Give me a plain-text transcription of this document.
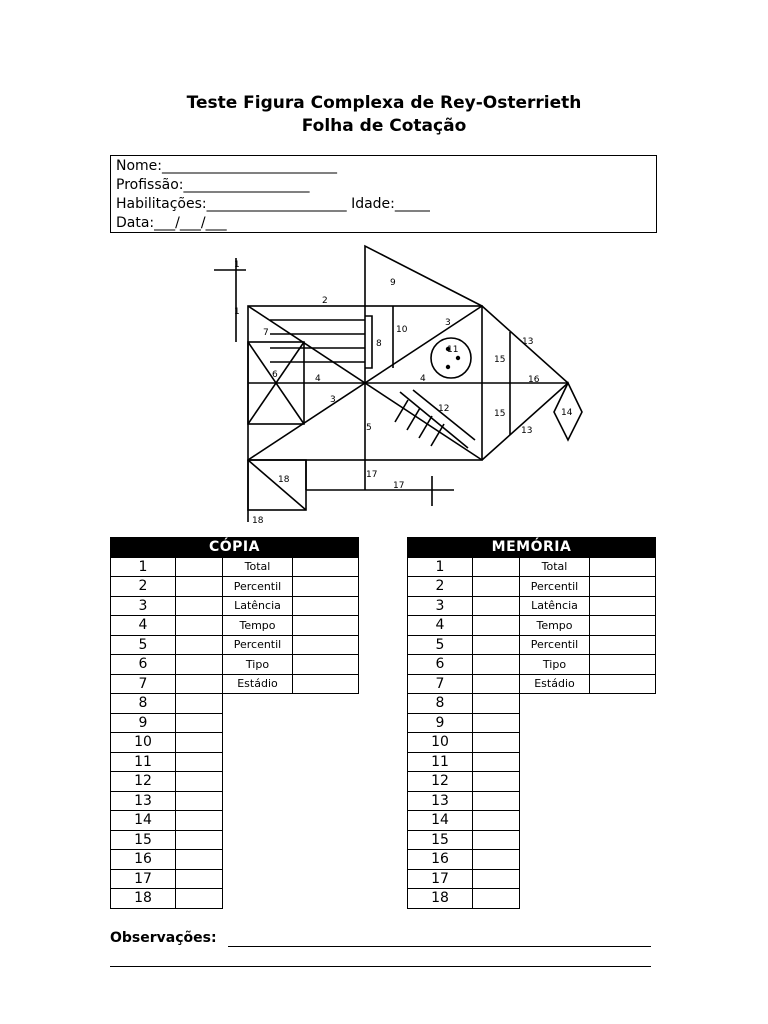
Teste Figura Complexa de Rey-Osterrieth
Folha de Cotação
Nome:_________________________
Profissão:__________________
Habilitações:____________________ Idade:_____
Data:___/___/___
1
1
2
3
4
3
5
7
8
6	4
9
10
11
15
13
16
12	15
13
14
18	17
17
18
CÓPIA			
1		Total	
2		Percentil	
3		Latência	
4		Tempo	
5		Percentil	
6		Tipo	
7		Estádio	
8			
9			
10			
11			
12			
13			
14			
15			
16			
17			
18			
MEMÓRIA			
1		Total	
2		Percentil	
3		Latência	
4		Tempo	
5		Percentil	
6		Tipo	
7		Estádio	
8			
9			
10			
11			
12			
13			
14			
15			
16			
17			
18			
Observações:
